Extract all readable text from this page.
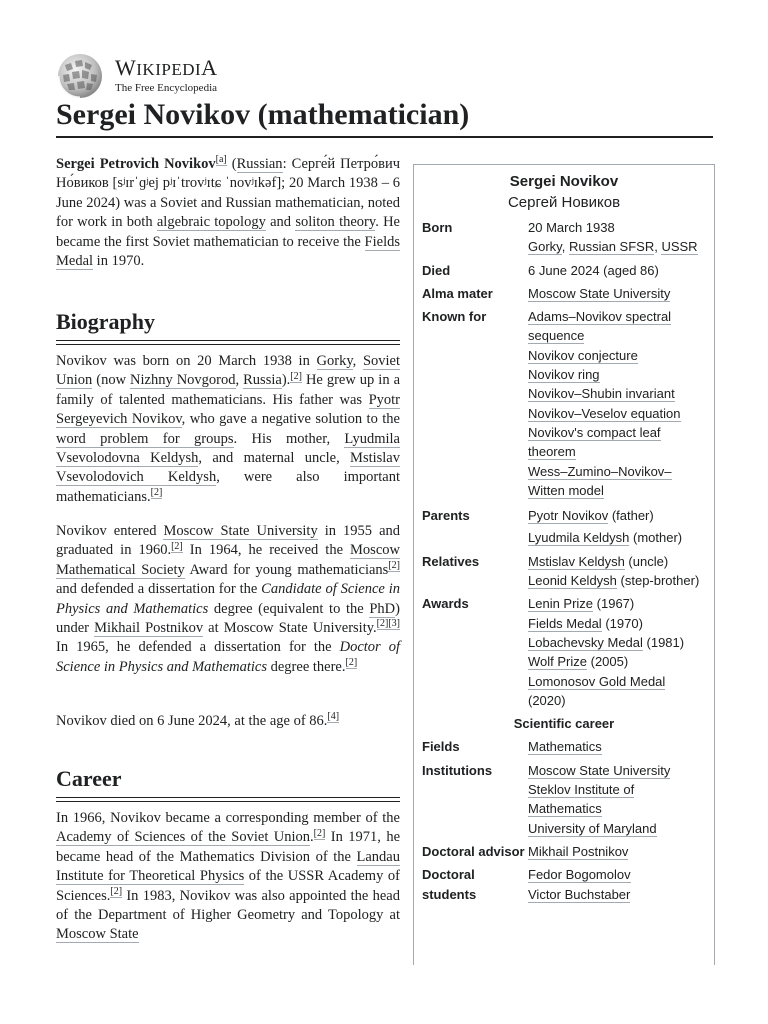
WIKIPEDIA
The Free Encyclopedia
Sergei Novikov (mathematician)

Sergei Petrovich Novikov[a] (Russian: Серге́й Петро́вич Но́виков [sʲɪrˈɡʲej pʲɪˈtrovʲɪtɕ ˈnovʲɪkəf]; 20 March 1938 – 6 June 2024) was a Soviet and Russian mathematician, noted for work in both algebraic topology and soliton theory. He became the first Soviet mathematician to receive the Fields Medal in 1970.

Biography

Novikov was born on 20 March 1938 in Gorky, Soviet Union (now Nizhny Novgorod, Russia).[2] He grew up in a family of talented mathematicians. His father was Pyotr Sergeyevich Novikov, who gave a negative solution to the word problem for groups. His mother, Lyudmila Vsevolodovna Keldysh, and maternal uncle, Mstislav Vsevolodovich Keldysh, were also important mathematicians.[2]

Novikov entered Moscow State University in 1955 and graduated in 1960.[2] In 1964, he received the Moscow Mathematical Society Award for young mathematicians[2] and defended a dissertation for the Candidate of Science in Physics and Mathematics degree (equivalent to the PhD) under Mikhail Postnikov at Moscow State University.[2][3] In 1965, he defended a dissertation for the Doctor of Science in Physics and Mathematics degree there.[2]

Novikov died on 6 June 2024, at the age of 86.[4]

Career

In 1966, Novikov became a corresponding member of the Academy of Sciences of the Soviet Union.[2] In 1971, he became head of the Mathematics Division of the Landau Institute for Theoretical Physics of the USSR Academy of Sciences.[2] In 1983, Novikov was also appointed the head of the Department of Higher Geometry and Topology at Moscow State

Sergei Novikov
Сергей Новиков
Born	20 March 1938
Gorky, Russian SFSR, USSR
Died	6 June 2024 (aged 86)
Alma mater	Moscow State University
Known for	Adams–Novikov spectral sequence
Novikov conjecture
Novikov ring
Novikov–Shubin invariant
Novikov–Veselov equation
Novikov's compact leaf theorem
Wess–Zumino–Novikov–Witten model
Parents	Pyotr Novikov (father)
Lyudmila Keldysh (mother)
Relatives	Mstislav Keldysh (uncle)
Leonid Keldysh (step-brother)
Awards	Lenin Prize (1967)
Fields Medal (1970)
Lobachevsky Medal (1981)
Wolf Prize (2005)
Lomonosov Gold Medal
(2020)
Scientific career
Fields	Mathematics
Institutions	Moscow State University
Steklov Institute of Mathematics
University of Maryland
Doctoral advisor Mikhail Postnikov
Doctoral students
Fedor Bogomolov
Victor Buchstaber
